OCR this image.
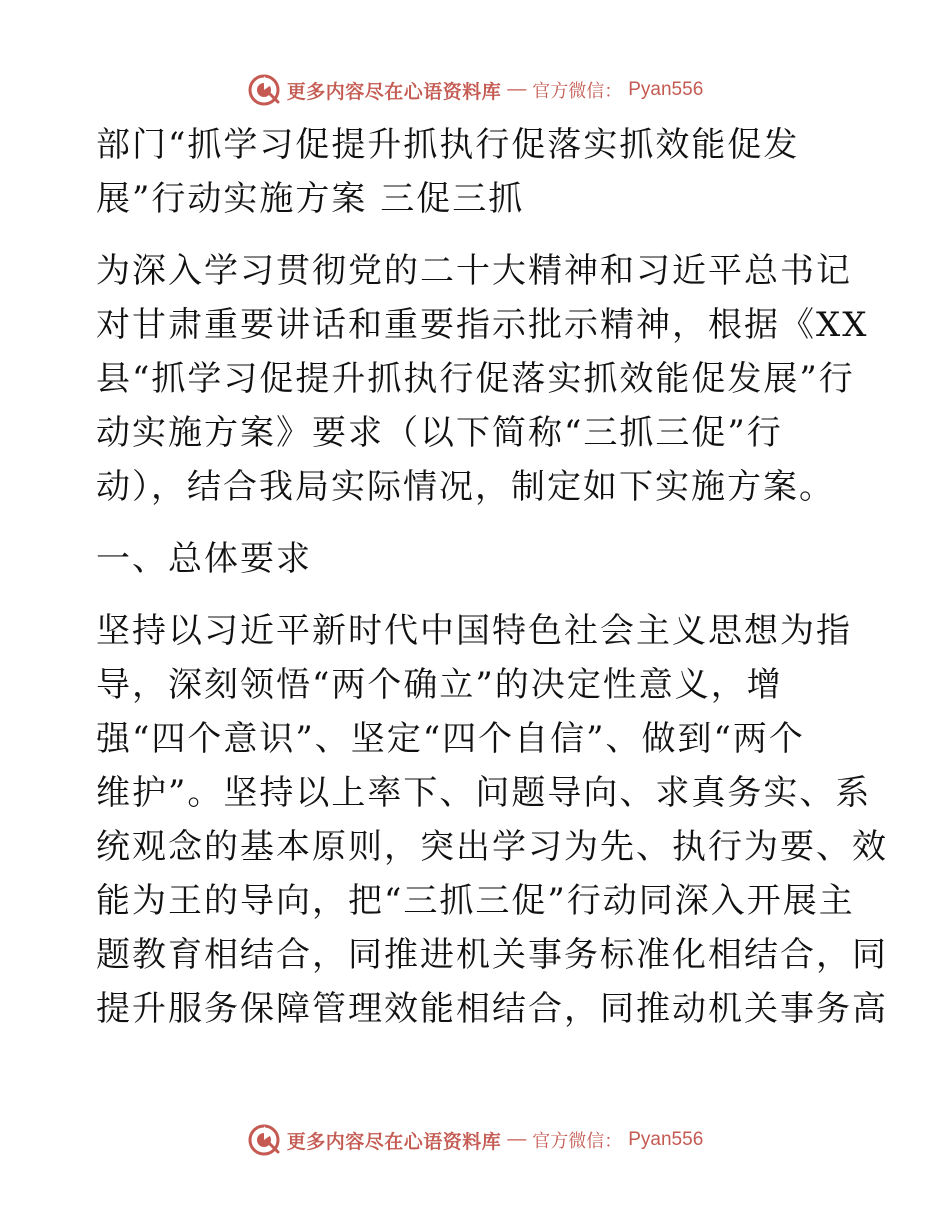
更多内容尽在心语资料库 — 官方微信： Pyan556
部门“抓学习促提升抓执行促落实抓效能促发
展”行动实施方案 三促三抓
为深入学习贯彻党的二十大精神和习近平总书记
对甘肃重要讲话和重要指示批示精神，根据《XX
县“抓学习促提升抓执行促落实抓效能促发展”行
动实施方案》要求（以下简称“三抓三促”行
动），结合我局实际情况，制定如下实施方案。
一、总体要求
坚持以习近平新时代中国特色社会主义思想为指
导，深刻领悟“两个确立”的决定性意义，增
强“四个意识”、坚定“四个自信”、做到“两个
维护”。坚持以上率下、问题导向、求真务实、系
统观念的基本原则，突出学习为先、执行为要、效
能为王的导向，把“三抓三促”行动同深入开展主
题教育相结合，同推进机关事务标准化相结合，同
提升服务保障管理效能相结合，同推动机关事务高
更多内容尽在心语资料库 — 官方微信： Pyan556
